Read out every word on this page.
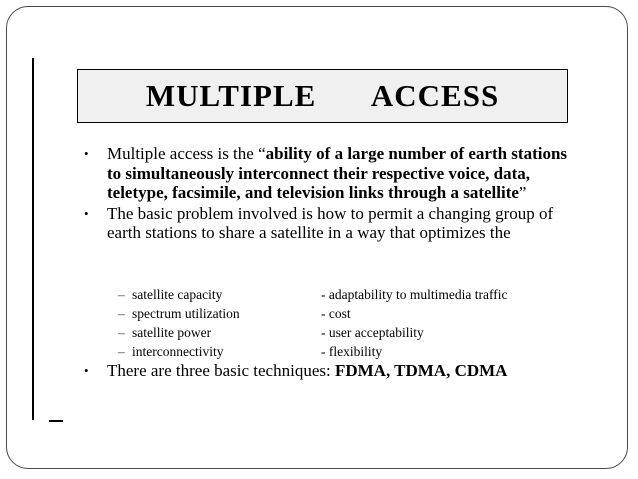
MULTIPLE   ACCESS

• Multiple access is the “ability of a large number of earth stations to simultaneously interconnect their respective voice, data, teletype, facsimile, and television links through a satellite”

• The basic problem involved is how to permit a changing group of earth stations to share a satellite in a way that optimizes the

– satellite capacity	- adaptability to multimedia traffic
– spectrum utilization	- cost
– satellite power	- user acceptability
– interconnectivity	- flexibility

• There are three basic techniques: FDMA, TDMA, CDMA
